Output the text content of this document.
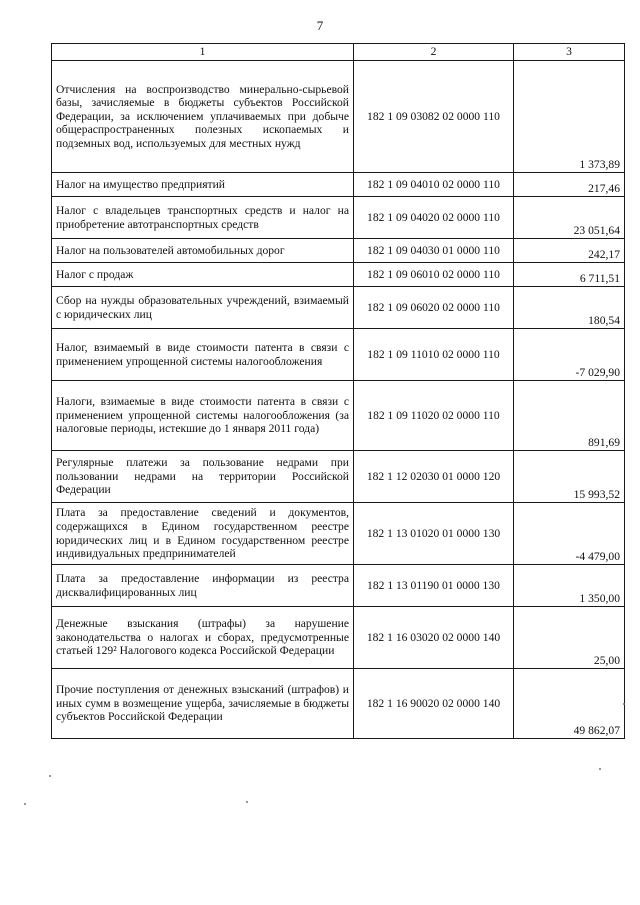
7
1	2	3
Отчисления на воспроизводство минерально-сырьевой базы, зачисляемые в бюджеты субъектов Российской Федерации, за исключением уплачиваемых при добыче общераспространенных полезных ископаемых и подземных вод, используемых для местных нужд	182 1 09 03082 02 0000 110	1 373,89
Налог на имущество предприятий	182 1 09 04010 02 0000 110	217,46
Налог с владельцев транспортных средств и налог на приобретение автотранспортных средств	182 1 09 04020 02 0000 110	23 051,64
Налог на пользователей автомобильных дорог	182 1 09 04030 01 0000 110	242,17
Налог с продаж	182 1 09 06010 02 0000 110	6 711,51
Сбор на нужды образовательных учреждений, взимаемый с юридических лиц	182 1 09 06020 02 0000 110	180,54
Налог, взимаемый в виде стоимости патента в связи с применением упрощенной системы налогообложения	182 1 09 11010 02 0000 110	-7 029,90
Налоги, взимаемые в виде стоимости патента в связи с применением упрощенной системы налогообложения (за налоговые периоды, истекшие до 1 января 2011 года)	182 1 09 11020 02 0000 110	891,69
Регулярные платежи за пользование недрами при пользовании недрами на территории Российской Федерации	182 1 12 02030 01 0000 120	15 993,52
Плата за предоставление сведений и документов, содержащихся в Едином государственном реестре юридических лиц и в Едином государственном реестре индивидуальных предпринимателей	182 1 13 01020 01 0000 130	-4 479,00
Плата за предоставление информации из реестра дисквалифицированных лиц	182 1 13 01190 01 0000 130	1 350,00
Денежные взыскания (штрафы) за нарушение законодательства о налогах и сборах, предусмотренные статьей 129² Налогового кодекса Российской Федерации	182 1 16 03020 02 0000 140	25,00
Прочие поступления от денежных взысканий (штрафов) и иных сумм в возмещение ущерба, зачисляемые в бюджеты субъектов Российской Федерации	182 1 16 90020 02 0000 140	49 862,07
